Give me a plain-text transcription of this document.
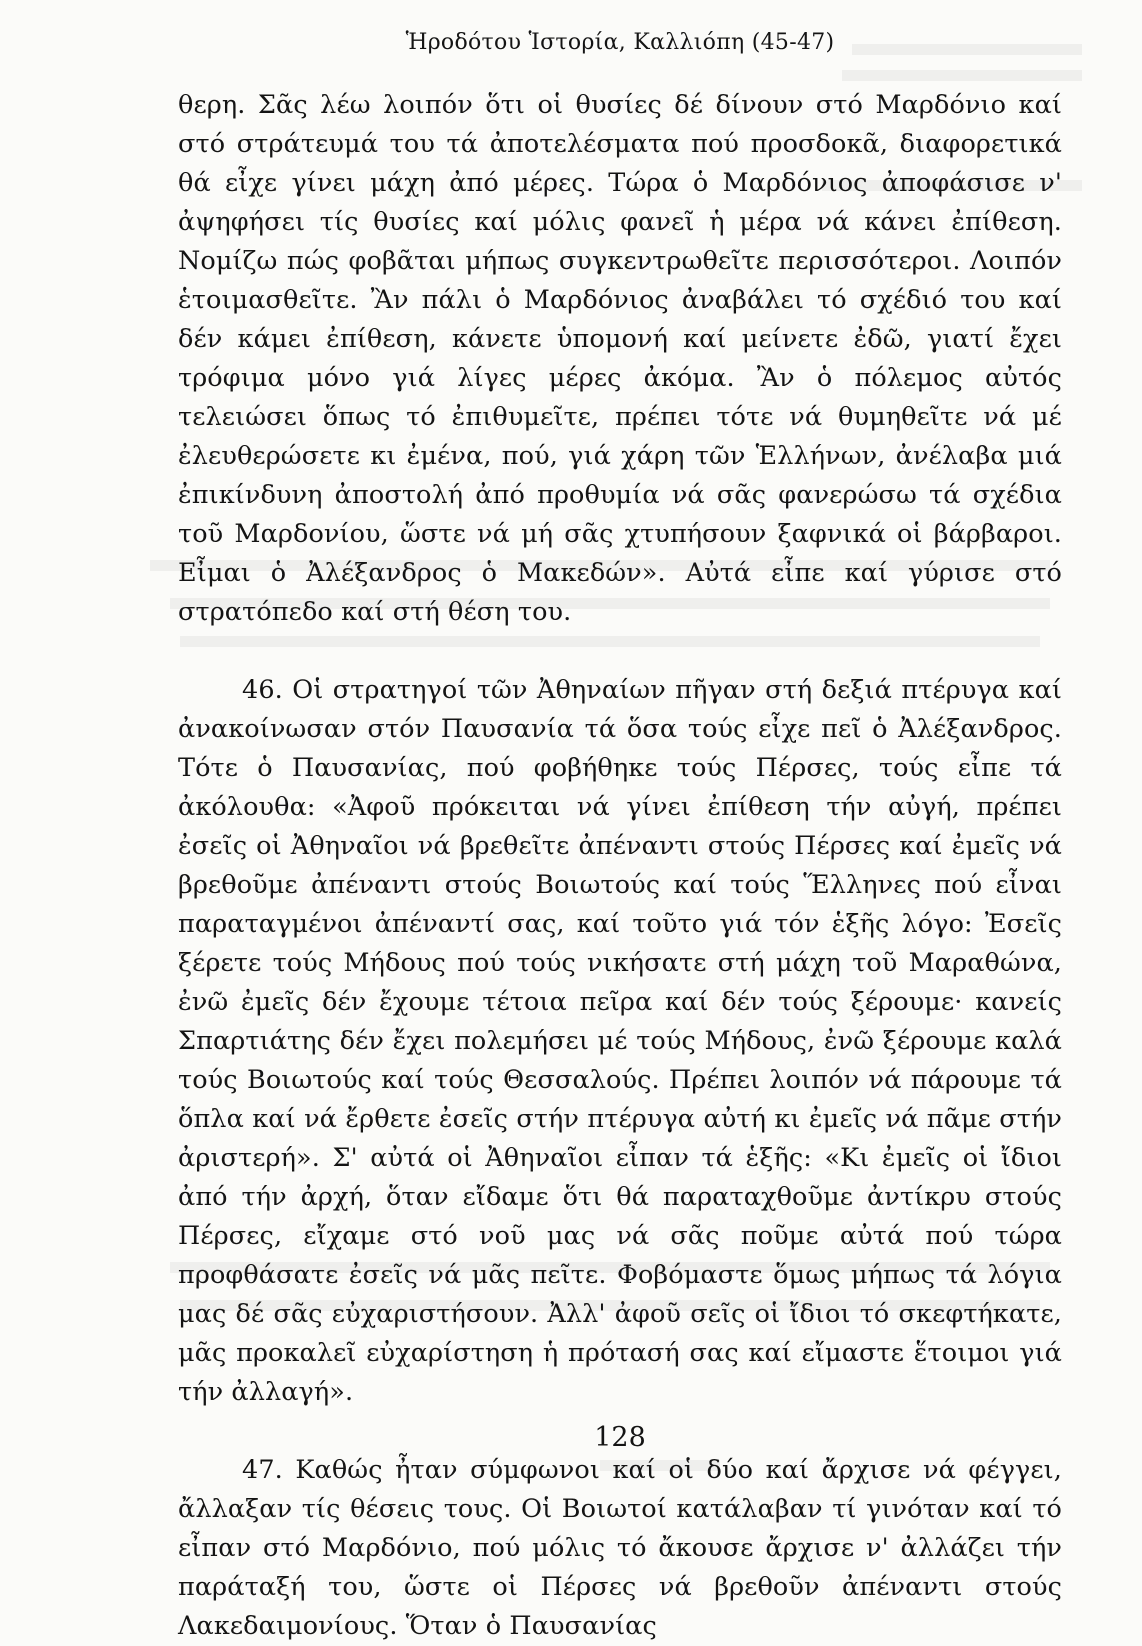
Ἡροδότου Ἱστορία, Καλλιόπη (45-47)

θερη. Σᾶς λέω λοιπόν ὅτι οἱ θυσίες δέ δίνουν στό Μαρδόνιο καί στό στράτευμά του τά ἀποτελέσματα πού προσδοκᾶ, διαφορετικά θά εἶχε γίνει μάχη ἀπό μέρες. Τώρα ὁ Μαρδόνιος ἀποφάσισε ν' ἀψηφήσει τίς θυσίες καί μόλις φανεῖ ἡ μέρα νά κάνει ἐπίθεση. Νομίζω πώς φοβᾶται μήπως συγκεντρωθεῖτε περισσότεροι. Λοιπόν ἑτοιμασθεῖτε. Ἂν πάλι ὁ Μαρδόνιος ἀναβάλει τό σχέδιό του καί δέν κάμει ἐπίθεση, κάνετε ὑπομονή καί μείνετε ἐδῶ, γιατί ἔχει τρόφιμα μόνο γιά λίγες μέρες ἀκόμα. Ἂν ὁ πόλεμος αὐτός τελειώσει ὅπως τό ἐπιθυμεῖτε, πρέπει τότε νά θυμηθεῖτε νά μέ ἐλευθερώσετε κι ἐμένα, πού, γιά χάρη τῶν Ἑλλήνων, ἀνέλαβα μιά ἐπικίνδυνη ἀποστολή ἀπό προθυμία νά σᾶς φανερώσω τά σχέδια τοῦ Μαρδονίου, ὥστε νά μή σᾶς χτυπήσουν ξαφνικά οἱ βάρβαροι. Εἶμαι ὁ Ἀλέξανδρος ὁ Μακεδών». Αὐτά εἶπε καί γύρισε στό στρατόπεδο καί στή θέση του.

46. Οἱ στρατηγοί τῶν Ἀθηναίων πῆγαν στή δεξιά πτέρυγα καί ἀνακοίνωσαν στόν Παυσανία τά ὅσα τούς εἶχε πεῖ ὁ Ἀλέξανδρος. Τότε ὁ Παυσανίας, πού φοβήθηκε τούς Πέρσες, τούς εἶπε τά ἀκόλουθα: «Ἀφοῦ πρόκειται νά γίνει ἐπίθεση τήν αὐγή, πρέπει ἐσεῖς οἱ Ἀθηναῖοι νά βρεθεῖτε ἀπέναντι στούς Πέρσες καί ἐμεῖς νά βρεθοῦμε ἀπέναντι στούς Βοιωτούς καί τούς Ἕλληνες πού εἶναι παραταγμένοι ἀπέναντί σας, καί τοῦτο γιά τόν ἑξῆς λόγο: Ἐσεῖς ξέρετε τούς Μήδους πού τούς νικήσατε στή μάχη τοῦ Μαραθώνα, ἐνῶ ἐμεῖς δέν ἔχουμε τέτοια πεῖρα καί δέν τούς ξέρουμε· κανείς Σπαρτιάτης δέν ἔχει πολεμήσει μέ τούς Μήδους, ἐνῶ ξέρουμε καλά τούς Βοιωτούς καί τούς Θεσσαλούς. Πρέπει λοιπόν νά πάρουμε τά ὅπλα καί νά ἔρθετε ἐσεῖς στήν πτέρυγα αὐτή κι ἐμεῖς νά πᾶμε στήν ἀριστερή». Σ' αὐτά οἱ Ἀθηναῖοι εἶπαν τά ἑξῆς: «Κι ἐμεῖς οἱ ἴδιοι ἀπό τήν ἀρχή, ὅταν εἴδαμε ὅτι θά παραταχθοῦμε ἀντίκρυ στούς Πέρσες, εἴχαμε στό νοῦ μας νά σᾶς ποῦμε αὐτά πού τώρα προφθάσατε ἐσεῖς νά μᾶς πεῖτε. Φοβόμαστε ὅμως μήπως τά λόγια μας δέ σᾶς εὐχαριστήσουν. Ἀλλ' ἀφοῦ σεῖς οἱ ἴδιοι τό σκεφτήκατε, μᾶς προκαλεῖ εὐχαρίστηση ἡ πρότασή σας καί εἴμαστε ἕτοιμοι γιά τήν ἀλλαγή».

47. Καθώς ἦταν σύμφωνοι καί οἱ δύο καί ἄρχισε νά φέγγει, ἄλλαξαν τίς θέσεις τους. Οἱ Βοιωτοί κατάλαβαν τί γινόταν καί τό εἶπαν στό Μαρδόνιο, πού μόλις τό ἄκουσε ἄρχισε ν' ἀλλάζει τήν παράταξή του, ὥστε οἱ Πέρσες νά βρεθοῦν ἀπέναντι στούς Λακεδαιμονίους. Ὅταν ὁ Παυσανίας

128
